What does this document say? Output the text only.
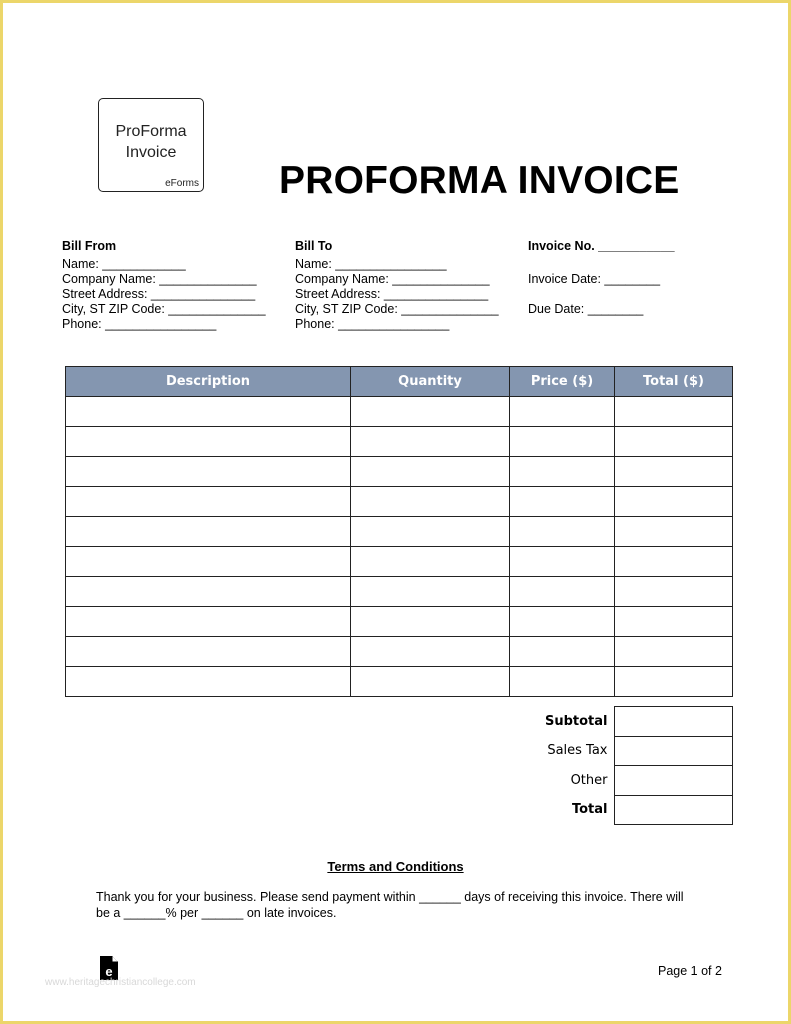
ProForma
Invoice
eForms PROFORMA INVOICE
Bill From
Name: ____________
Company Name: ______________
Street Address: _______________
City, ST ZIP Code: ______________
Phone: ________________
Bill To
Name: ________________
Company Name: ______________
Street Address: _______________
City, ST ZIP Code: ______________
Phone: ________________
Invoice No. ___________
Invoice Date: ________
Due Date: ________
Description	Quantity	Price ($)	Total ($)

Subtotal	
Sales Tax	
Other	
Total	
Terms and Conditions
Thank you for your business. Please send payment within ______ days of receiving this invoice. There will be a ______% per ______ on late invoices.
e
www.heritagechristiancollege.com
Page 1 of 2
